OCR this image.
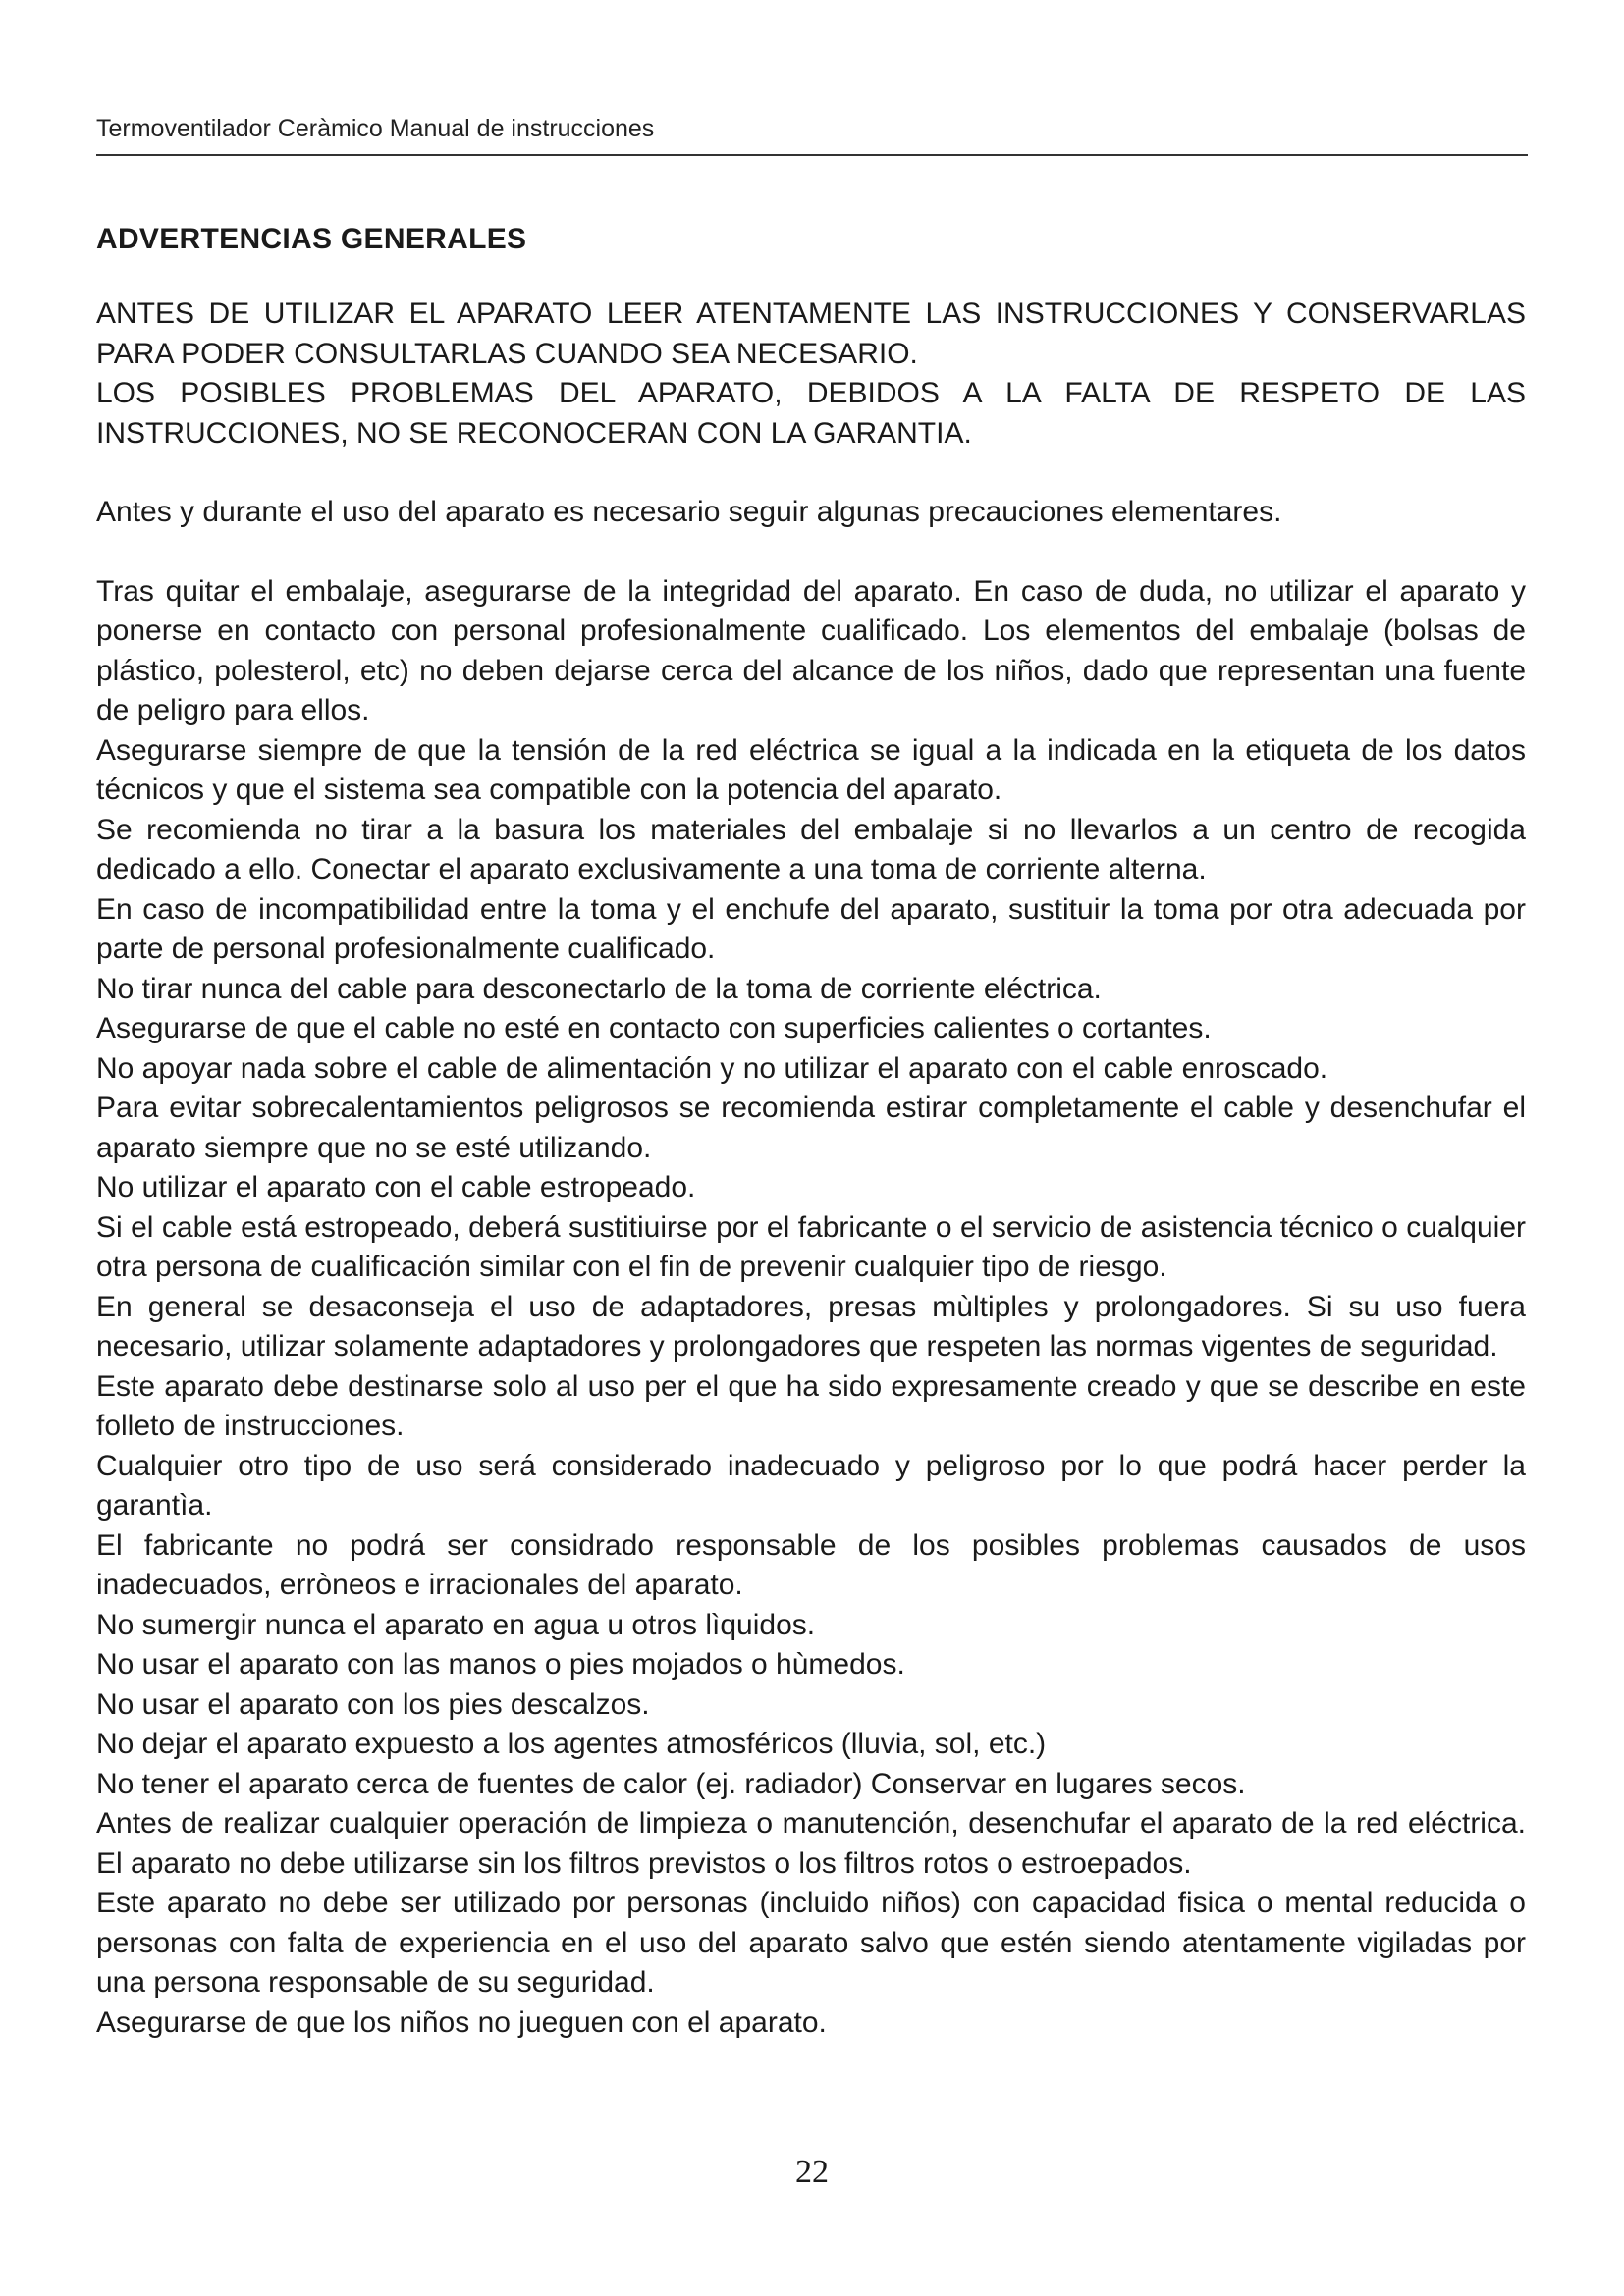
Termoventilador Ceràmico Manual de instrucciones
ADVERTENCIAS GENERALES

ANTES DE UTILIZAR EL APARATO LEER ATENTAMENTE LAS INSTRUCCIONES Y CONSERVARLAS PARA PODER CONSULTARLAS CUANDO SEA NECESARIO.

LOS POSIBLES PROBLEMAS DEL APARATO, DEBIDOS A LA FALTA DE RESPETO DE LAS INSTRUCCIONES, NO SE RECONOCERAN CON LA GARANTIA.

Antes y durante el uso del aparato es necesario seguir algunas precauciones elementares.

Tras quitar el embalaje, asegurarse de la integridad del aparato. En caso de duda, no utilizar el aparato y ponerse en contacto con personal profesionalmente cualificado. Los elementos del embalaje (bolsas de plástico, polesterol, etc) no deben dejarse cerca del alcance de los niños, dado que representan una fuente de peligro para ellos.

Asegurarse siempre de que la tensión de la red eléctrica se igual a la indicada en la etiqueta de los datos técnicos y que el sistema sea compatible con la potencia del aparato.

Se recomienda no tirar a la basura los materiales del embalaje si no llevarlos a un centro de recogida dedicado a ello. Conectar el aparato exclusivamente a una toma de corriente alterna.

En caso de incompatibilidad entre la toma y el enchufe del aparato, sustituir la toma por otra adecuada por parte de personal profesionalmente cualificado.

No tirar nunca del cable para desconectarlo de la toma de corriente eléctrica.

Asegurarse de que el cable no esté en contacto con superficies calientes o cortantes.

No apoyar nada sobre el cable de alimentación y no utilizar el aparato con el cable enroscado.

Para evitar sobrecalentamientos peligrosos se recomienda estirar completamente el cable y desenchufar el aparato siempre que no se esté utilizando.

No utilizar el aparato con el cable estropeado.

Si el cable está estropeado, deberá sustitiuirse por el fabricante o el servicio de asistencia técnico o cualquier otra persona de cualificación similar con el fin de prevenir cualquier tipo de riesgo.

En general se desaconseja el uso de adaptadores, presas mùltiples y prolongadores. Si su uso fuera necesario, utilizar solamente adaptadores y prolongadores que respeten las normas vigentes de seguridad.

Este aparato debe destinarse solo al uso per el que ha sido expresamente creado y que se describe en este folleto de instrucciones.

Cualquier otro tipo de uso será considerado inadecuado y peligroso por lo que podrá hacer perder la garantìa.

El fabricante no podrá ser considrado responsable de los posibles problemas causados de usos inadecuados, erròneos e irracionales del aparato.

No sumergir nunca el aparato en agua u otros lìquidos.

No usar el aparato con las manos o pies mojados o hùmedos.

No usar el aparato con los pies descalzos.

No dejar el aparato expuesto a los agentes atmosféricos (lluvia, sol, etc.)

No tener el aparato cerca de fuentes de calor (ej. radiador) Conservar en lugares secos.

Antes de realizar cualquier operación de limpieza o manutención, desenchufar el aparato de la red eléctrica. El aparato no debe utilizarse sin los filtros previstos o los filtros rotos o estroepados.

Este aparato no debe ser utilizado por personas (incluido niños) con capacidad fisica o mental reducida o personas con falta de experiencia en el uso del aparato salvo que estén siendo atentamente vigiladas por una persona responsable de su seguridad.

Asegurarse de que los niños no jueguen con el aparato.

22
